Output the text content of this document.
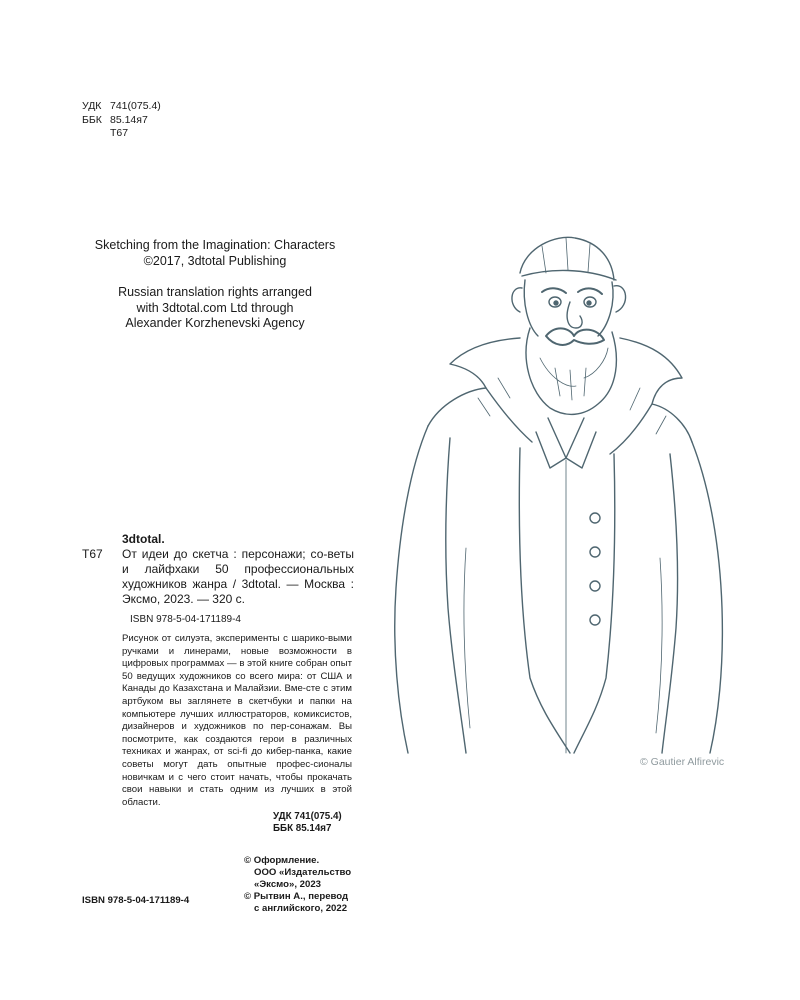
УДК 741(075.4)
ББК 85.14я7
Т67
Sketching from the Imagination: Characters
©2017, 3dtotal Publishing
Russian translation rights arranged
with 3dtotal.com Ltd through
Alexander Korzhenevski Agency
3dtotal.
Т67 От идеи до скетча : персонажи; со-веты и лайфхаки 50 профессиональных художников жанра / 3dtotal. — Москва : Эксмо, 2023. — 320 с.
ISBN 978-5-04-171189-4
Рисунок от силуэта, эксперименты с шарико-выми ручками и линерами, новые возможности в цифровых программах — в этой книге собран опыт 50 ведущих художников со всего мира: от США и Канады до Казахстана и Малайзии. Вме-сте с этим артбуком вы заглянете в скетчбуки и папки на компьютере лучших иллюстраторов, комиксистов, дизайнеров и художников по пер-сонажам. Вы посмотрите, как создаются герои в различных техниках и жанрах, от sci-fi до кибер-панка, какие советы могут дать опытные профес-сионалы новичкам и с чего стоит начать, чтобы прокачать свои навыки и стать одним из лучших в этой области.
УДК 741(075.4)
ББК 85.14я7
© Оформление.
ООО «Издательство
«Эксмо», 2023
© Рытвин А., перевод
с английского, 2022
ISBN 978-5-04-171189-4
© Gautier Alfirevic
